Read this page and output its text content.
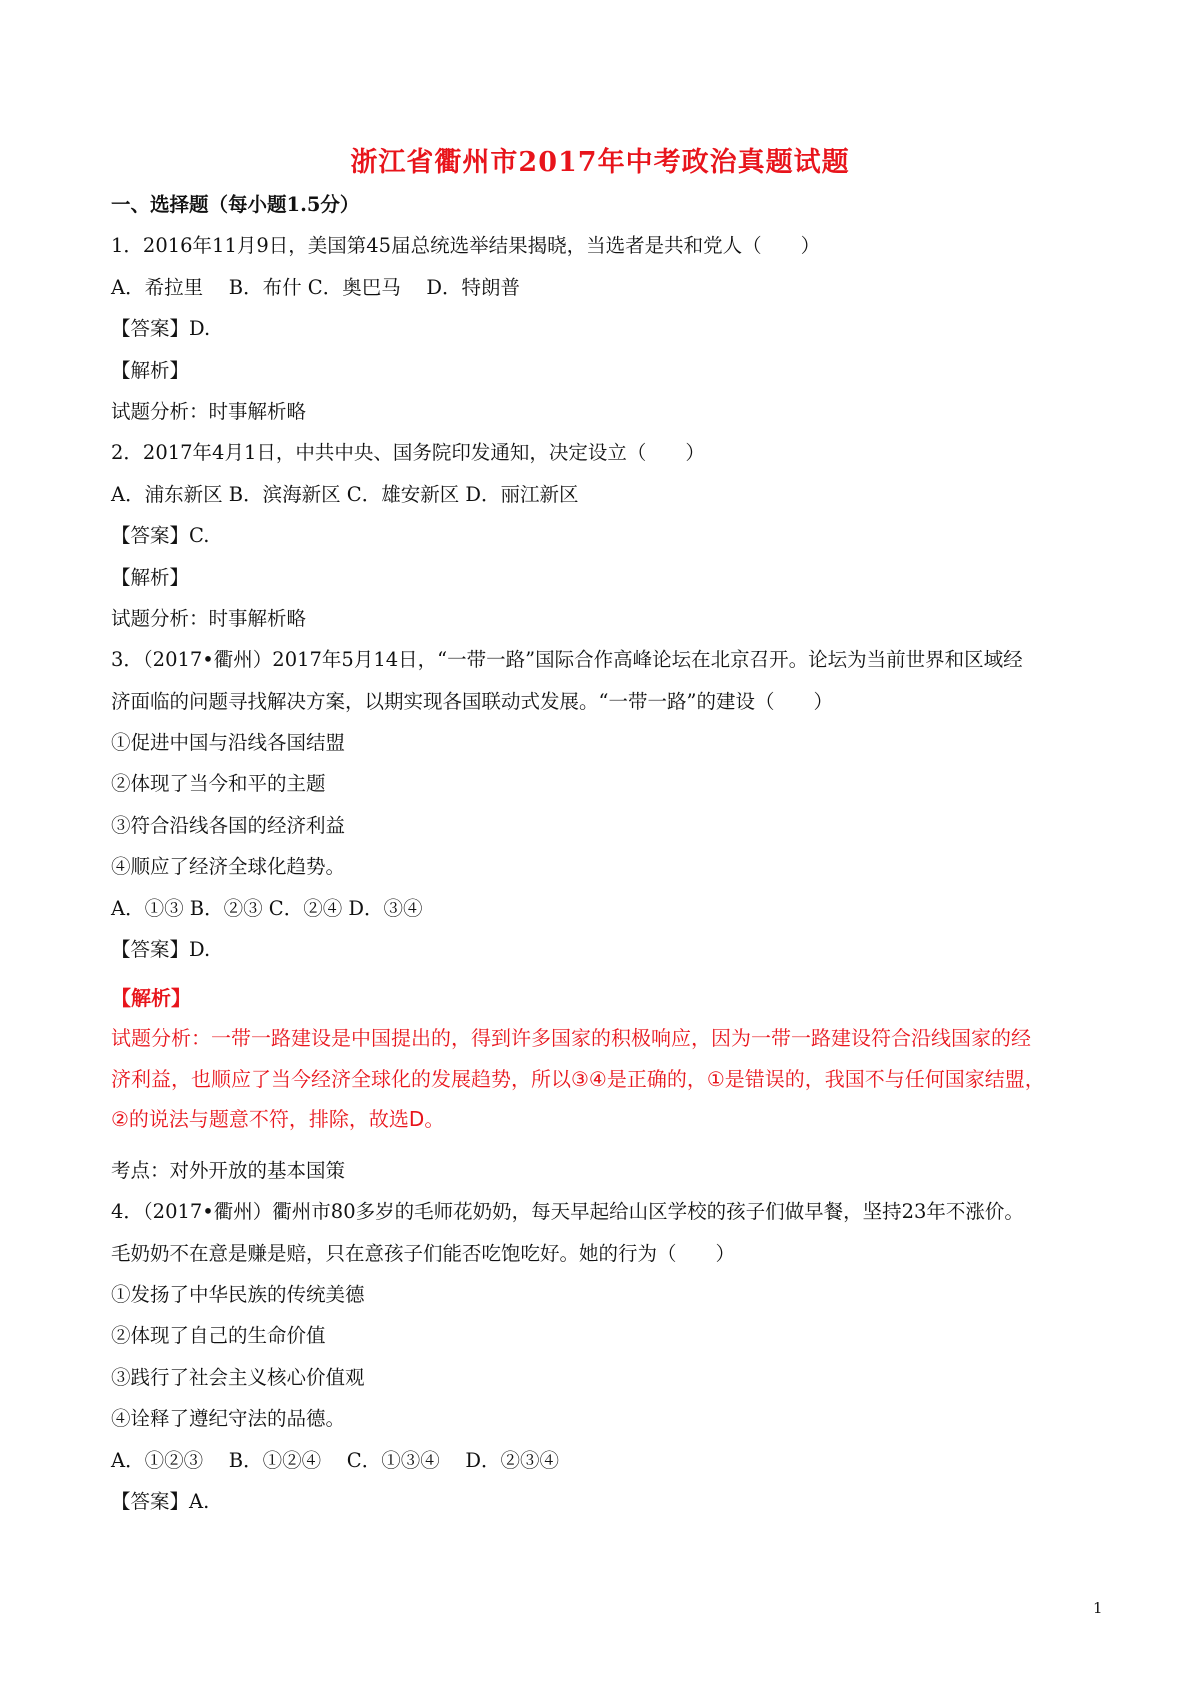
浙江省衢州市2017年中考政治真题试题
一、选择题（每小题1.5分）
1．2016年11月9日，美国第45届总统选举结果揭晓，当选者是共和党人（　　）
A．希拉里　 B．布什 C．奥巴马　 D．特朗普
【答案】D.
【解析】
试题分析：时事解析略
2．2017年4月1日，中共中央、国务院印发通知，决定设立（　　）
A．浦东新区 B．滨海新区 C．雄安新区 D．丽江新区
【答案】C.
【解析】
试题分析：时事解析略
3．（2017•衢州）2017年5月14日，“一带一路”国际合作高峰论坛在北京召开。论坛为当前世界和区域经
济面临的问题寻找解决方案，以期实现各国联动式发展。“一带一路”的建设（　　）
①促进中国与沿线各国结盟
②体现了当今和平的主题
③符合沿线各国的经济利益
④顺应了经济全球化趋势。
A．①③ B．②③ C．②④ D．③④
【答案】D.
【解析】
试题分析：一带一路建设是中国提出的，得到许多国家的积极响应，因为一带一路建设符合沿线国家的经
济利益，也顺应了当今经济全球化的发展趋势，所以③④是正确的，①是错误的，我国不与任何国家结盟，
②的说法与题意不符，排除，故选D。
考点：对外开放的基本国策
4．（2017•衢州）衢州市80多岁的毛师花奶奶，每天早起给山区学校的孩子们做早餐，坚持23年不涨价。
毛奶奶不在意是赚是赔，只在意孩子们能否吃饱吃好。她的行为（　　）
①发扬了中华民族的传统美德
②体现了自己的生命价值
③践行了社会主义核心价值观
④诠释了遵纪守法的品德。
A．①②③　 B．①②④　 C．①③④　 D．②③④
【答案】A.
1
